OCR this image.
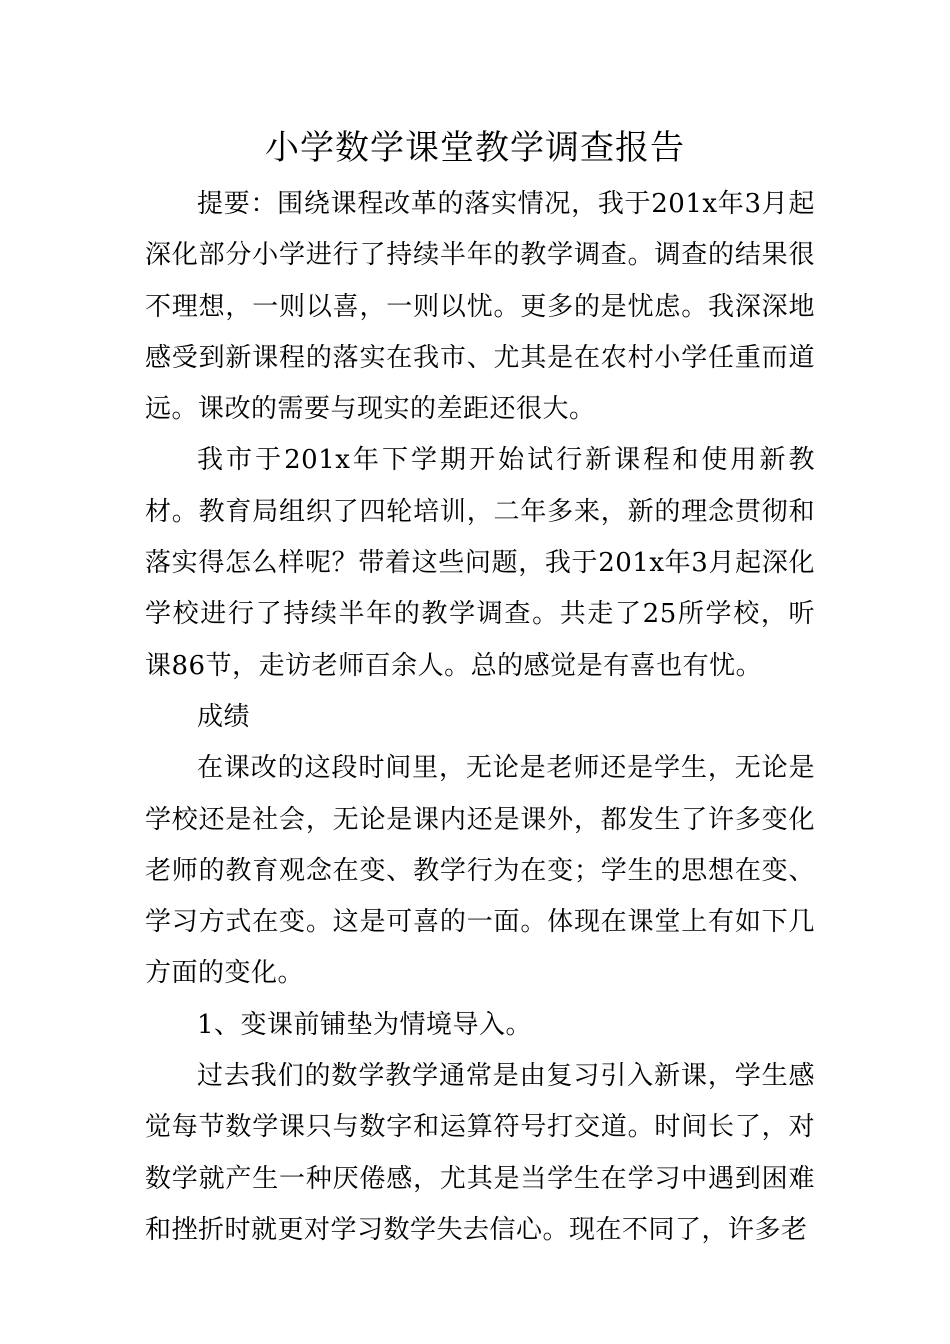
小学数学课堂教学调查报告

提要：围绕课程改革的落实情况，我于201x年3月起深化部分小学进行了持续半年的教学调查。调查的结果很不理想，一则以喜，一则以忧。更多的是忧虑。我深深地感受到新课程的落实在我市、尤其是在农村小学任重而道远。课改的需要与现实的差距还很大。

我市于201x年下学期开始试行新课程和使用新教材。教育局组织了四轮培训，二年多来，新的理念贯彻和落实得怎么样呢？带着这些问题，我于201x年3月起深化学校进行了持续半年的教学调查。共走了25所学校，听课86节，走访老师百余人。总的感觉是有喜也有忧。

成绩

在课改的这段时间里，无论是老师还是学生，无论是学校还是社会，无论是课内还是课外，都发生了许多变化老师的教育观念在变、教学行为在变；学生的思想在变、学习方式在变。这是可喜的一面。体现在课堂上有如下几方面的变化。

1、变课前铺垫为情境导入。

过去我们的数学教学通常是由复习引入新课，学生感觉每节数学课只与数字和运算符号打交道。时间长了，对数学就产生一种厌倦感，尤其是当学生在学习中遇到困难和挫折时就更对学习数学失去信心。现在不同了，许多老
